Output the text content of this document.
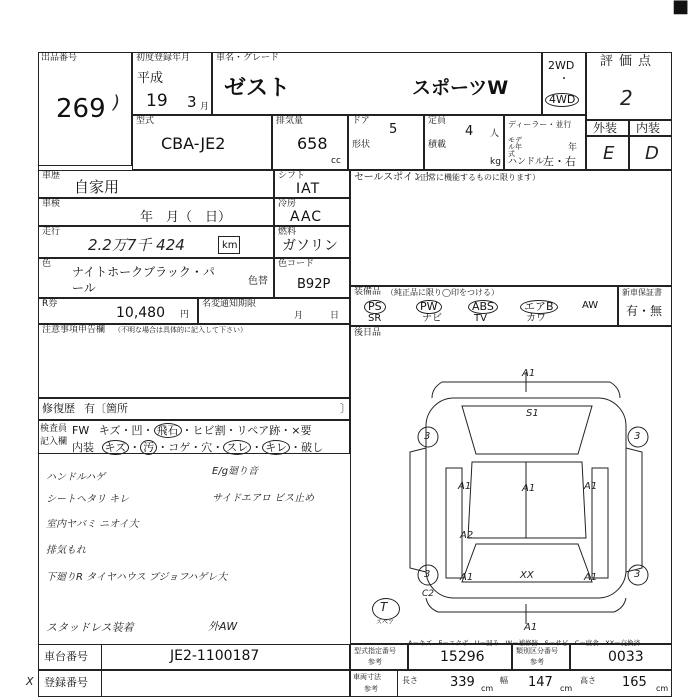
■
出品番号
269 )
初度登録年月
平成
19 3 月
車名・グレード
ゼスト	スポーツW
2WD
・
4WD
評価点
2
外装 内装
E D
型式
CBA-JE2
排気量
658
cc
ドア
5
形状
定員
4 人
積載
kg
ディーラー・並行
モデル年式
年
ハンドル
左・右
車歴
自家用
車検
年　月（　日）
走行
2.2万7千 424	km
シフト
IAT
冷房
AAC
燃料
ガソリン
色
ナイトホークブラック・パ
ール	色替
色コード
B92P
R券
10,480 円
名変通知期限
月	日
注意事項申告欄 （不明な場合は具体的に記入して下さい）
修復歴 有〔箇所	〕
検査員
記入欄
FW キズ・凹・ 飛石 ・ヒビ割・リペア跡・×要
内装 キズ ・ 汚 ・コゲ・穴・ スレ ・ キレ ・破し
ハンドルハゲ
シートヘタリ キレ
室内ヤバミ ニオイ大
排気もれ
下廻りR タイヤハウス ブジョフハゲレ大
スタッドレス装着
E/g廻り音
サイドエアロ ビス止め
外AW
セールスポイント
（正常に機能するものに限ります）
装備品 （純正品に限り◯印をつける）
PS	PW	ABS	エアB	AW
SR	ナビ	TV	カワ
新車保証書
有・無
後日品
3	3
3	3
A1
S1
A1	A1	A1
A2
A1	XX	A1
C2
A1
T
スペア
A－キズ　E－エクボ　U－凹み　W－補修跡　S－サビ　C－腐食　XX－交換済
車台番号	JE2-1100187
登録番号
型式指定番号
参考	15296	類別区分番号
参考	0033
車両寸法
参考
長さ 339 cm
幅 147 cm
高さ 165 cm
X
